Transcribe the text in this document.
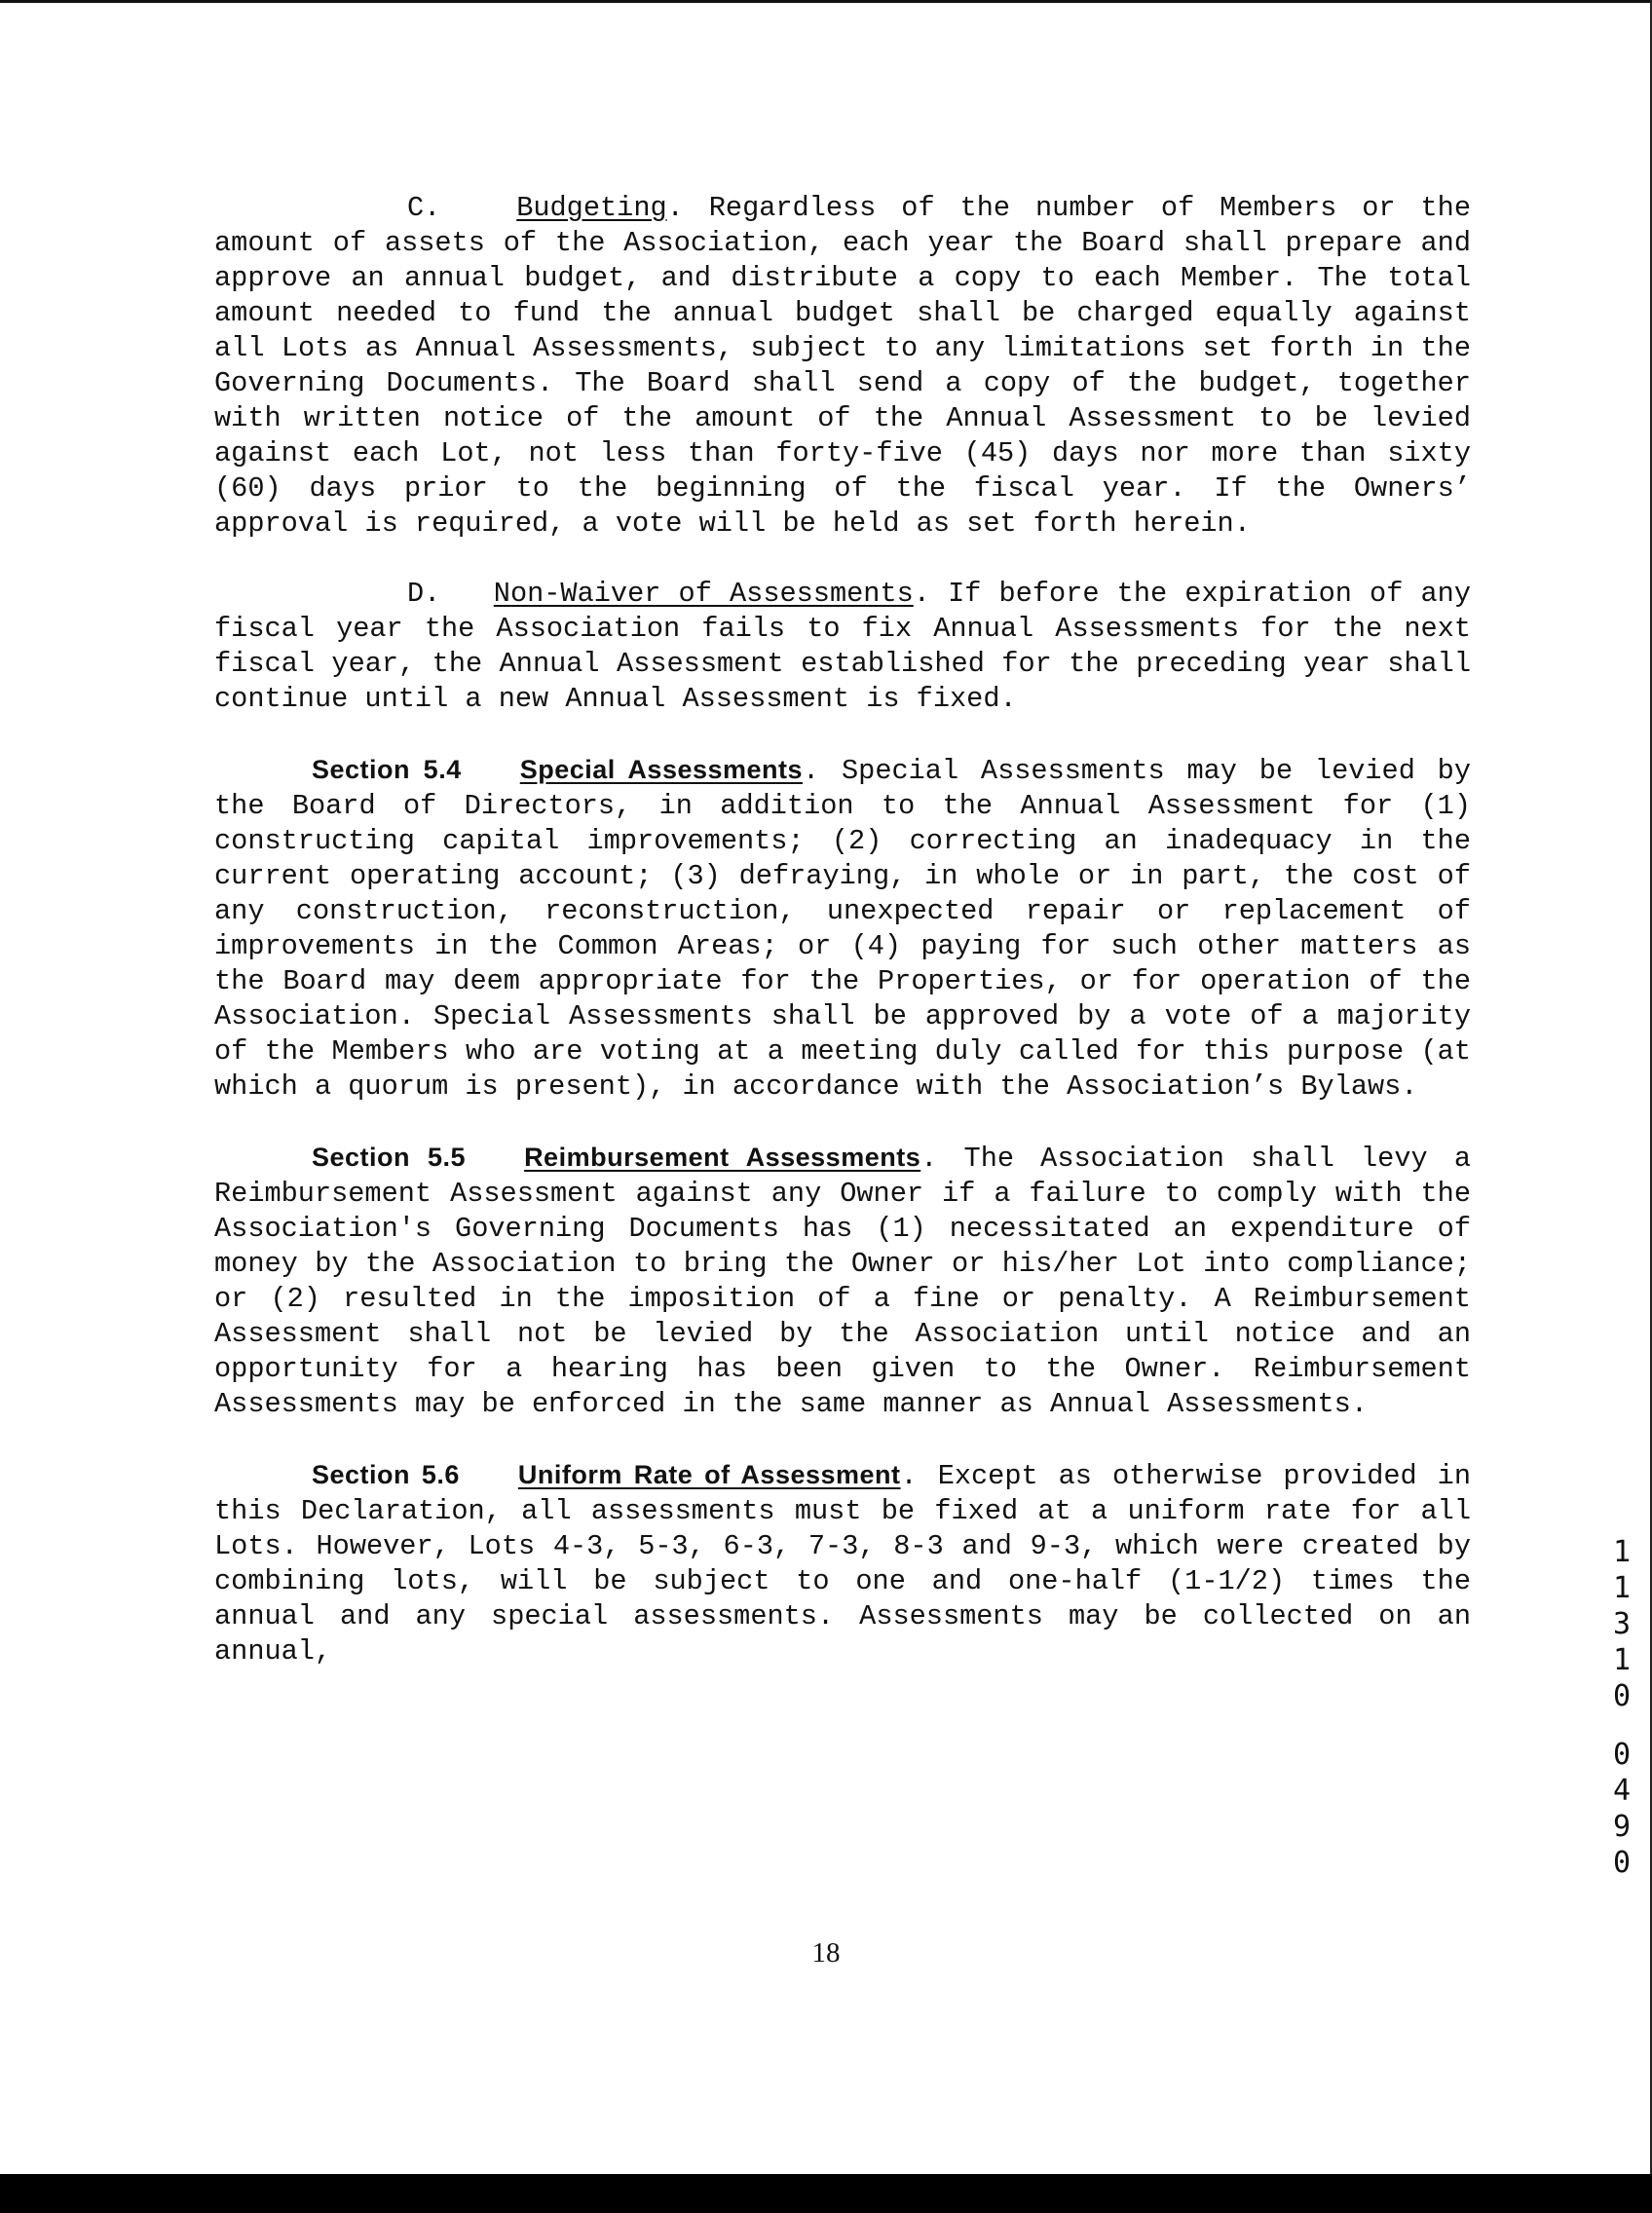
C.	Budgeting. Regardless of the number of Members or the amount of assets of the Association, each year the Board shall prepare and approve an annual budget, and distribute a copy to each Member. The total amount needed to fund the annual budget shall be charged equally against all Lots as Annual Assessments, subject to any limitations set forth in the Governing Documents. The Board shall send a copy of the budget, together with written notice of the amount of the Annual Assessment to be levied against each Lot, not less than forty-five (45) days nor more than sixty (60) days prior to the beginning of the fiscal year. If the Owners’ approval is required, a vote will be held as set forth herein.

D. Non-Waiver of Assessments. If before the expiration of any fiscal year the Association fails to fix Annual Assessments for the next fiscal year, the Annual Assessment established for the preceding year shall continue until a new Annual Assessment is fixed.

Section 5.4 Special Assessments. Special Assessments may be levied by the Board of Directors, in addition to the Annual Assessment for (1) constructing capital improvements; (2) correcting an inadequacy in the current operating account; (3) defraying, in whole or in part, the cost of any construction, reconstruction, unexpected repair or replacement of improvements in the Common Areas; or (4) paying for such other matters as the Board may deem appropriate for the Properties, or for operation of the Association. Special Assessments shall be approved by a vote of a majority of the Members who are voting at a meeting duly called for this purpose (at which a quorum is present), in accordance with the Association’s Bylaws.

Section 5.5 Reimbursement Assessments. The Association shall levy a Reimbursement Assessment against any Owner if a failure to comply with the Association's Governing Documents has (1) necessitated an expenditure of money by the Association to bring the Owner or his/her Lot into compliance; or (2) resulted in the imposition of a fine or penalty. A Reimbursement Assessment shall not be levied by the Association until notice and an opportunity for a hearing has been given to the Owner. Reimbursement Assessments may be enforced in the same manner as Annual Assessments.

Section 5.6 Uniform Rate of Assessment. Except as otherwise provided in this Declaration, all assessments must be fixed at a uniform rate for all Lots. However, Lots 4-3, 5-3, 6-3, 7-3, 8-3 and 9-3, which were created by combining lots, will be subject to one and one-half (1-1/2) times the annual and any special assessments. Assessments may be collected on an annual,

18
1
1
3
1
0
0
4
9
0
